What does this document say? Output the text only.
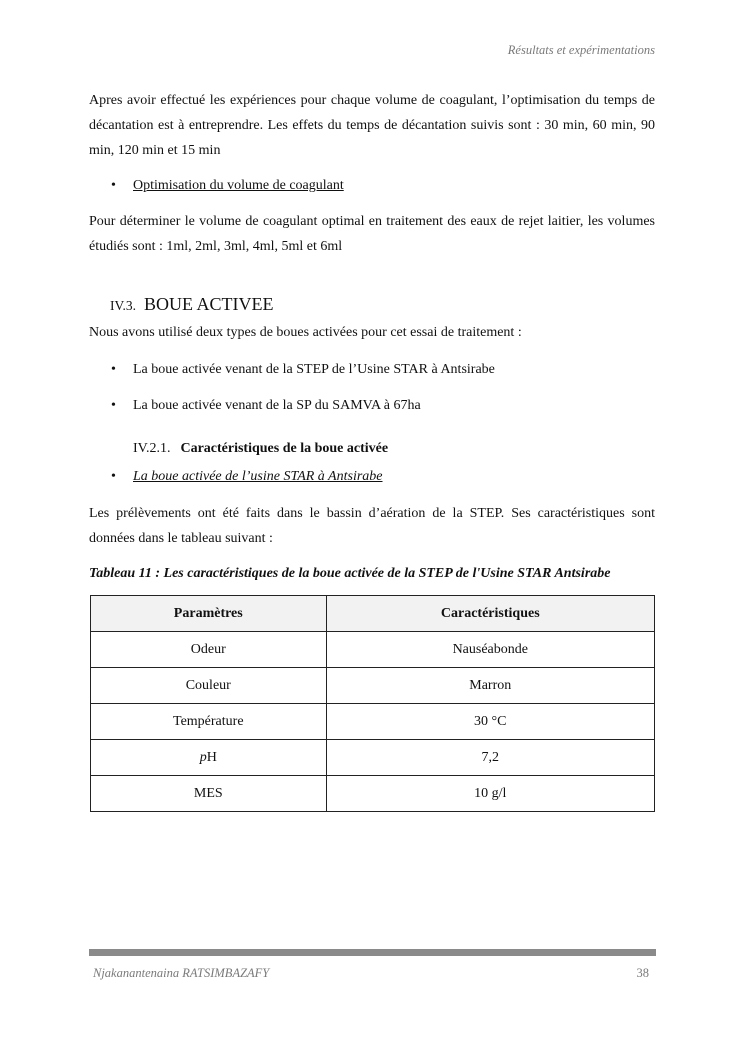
Résultats et expérimentations

Apres avoir effectué les expériences pour chaque volume de coagulant, l’optimisation du temps de décantation est à entreprendre. Les effets du temps de décantation suivis sont : 30 min, 60 min, 90 min, 120 min et 15 min

• Optimisation du volume de coagulant

Pour déterminer le volume de coagulant optimal en traitement des eaux de rejet laitier, les volumes étudiés sont : 1ml, 2ml, 3ml, 4ml, 5ml et 6ml

IV.3. BOUE ACTIVEE

Nous avons utilisé deux types de boues activées pour cet essai de traitement :

• La boue activée venant de la STEP de l’Usine STAR à Antsirabe
• La boue activée venant de la SP du SAMVA à 67ha
IV.2.1. Caractéristiques de la boue activée
• La boue activée de l’usine STAR à Antsirabe

Les prélèvements ont été faits dans le bassin d’aération de la STEP. Ses caractéristiques sont données dans le tableau suivant :

Tableau 11 : Les caractéristiques de la boue activée de la STEP de l'Usine STAR Antsirabe
Paramètres	Caractéristiques
Odeur	Nauséabonde
Couleur	Marron
Température	30 °C
pH	7,2
MES	10 g/l
Njakanantenaina RATSIMBAZAFY	38
